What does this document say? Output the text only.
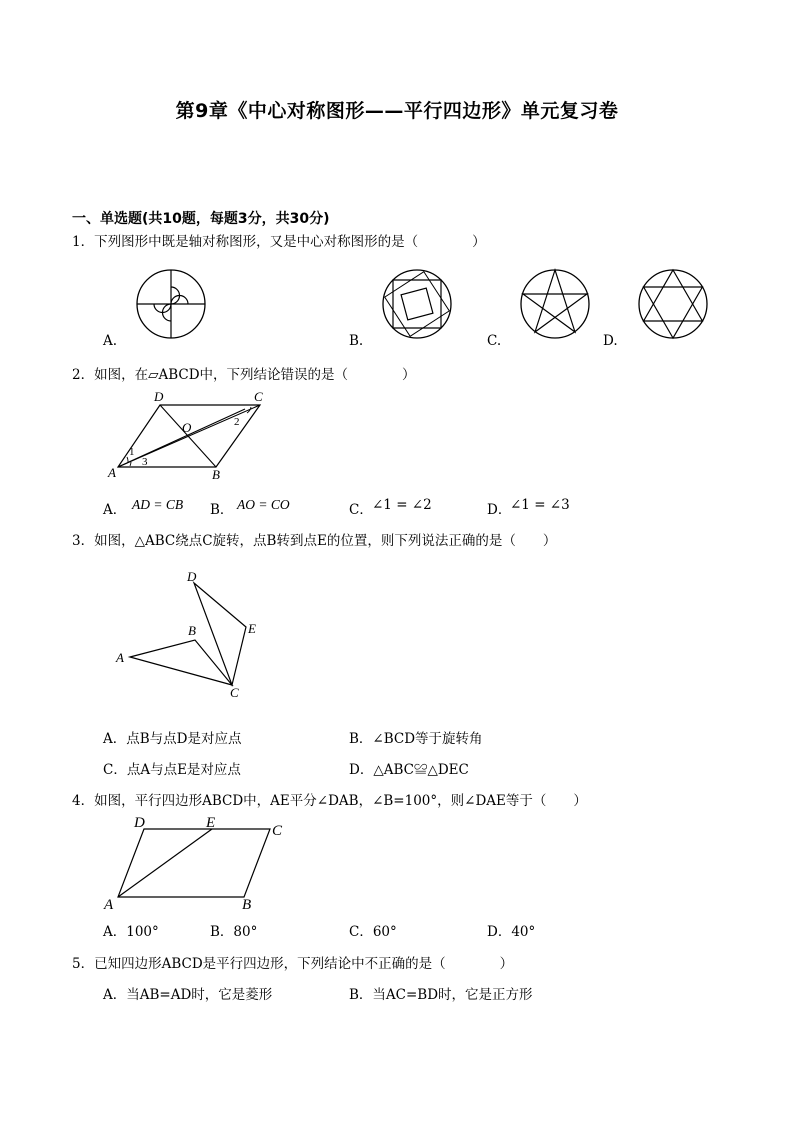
第9章《中心对称图形——平行四边形》单元复习卷
一、单选题(共10题，每题3分，共30分)
1．下列图形中既是轴对称图形，又是中心对称图形的是（　　　　）
A.	B.	C.	D.
2．如图，在▱ABCD中，下列结论错误的是（　　　　）
A	B
C
D
O
1
2
3
A． AD = CB B． AO = CO	C． ∠1 = ∠2	D．
∠1 = ∠3
3．如图，△ABC绕点C旋转，点B转到点E的位置，则下列说法正确的是（　　）
A
B
C
D
E
A．点B与点D是对应点	B．∠BCD等于旋转角
C．点A与点E是对应点	D．△ABC≌△DEC
4．如图，平行四边形ABCD中，AE平分∠DAB，∠B=100°，则∠DAE等于（　　）
A	B
C
D	E
A．100°	B．80°	C．60°	D．40°
5．已知四边形ABCD是平行四边形，下列结论中不正确的是（　　　　）
A．当AB=AD时，它是菱形	B．当AC=BD时，它是正方形
